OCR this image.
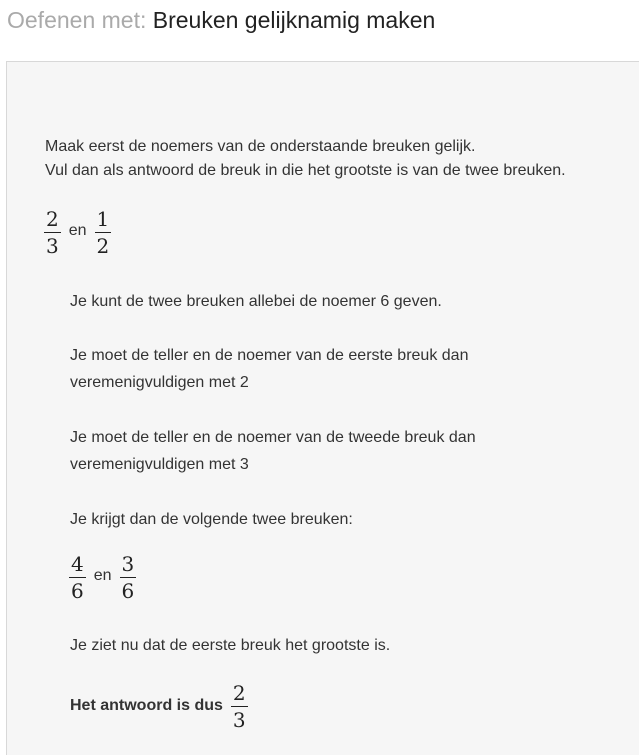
Oefenen met: Breuken gelijknamig maken
Maak eerst de noemers van de onderstaande breuken gelijk.
Vul dan als antwoord de breuk in die het grootste is van de twee breuken.
$\frac{2}{3}$ en $\frac{1}{2}$
Je kunt de twee breuken allebei de noemer 6 geven.
Je moet de teller en de noemer van de eerste breuk dan
veremenigvuldigen met 2
Je moet de teller en de noemer van de tweede breuk dan
veremenigvuldigen met 3
Je krijgt dan de volgende twee breuken:
$\frac{4}{6}$ en $\frac{3}{6}$
Je ziet nu dat de eerste breuk het grootste is.
Het antwoord is dus $\frac{2}{3}$
